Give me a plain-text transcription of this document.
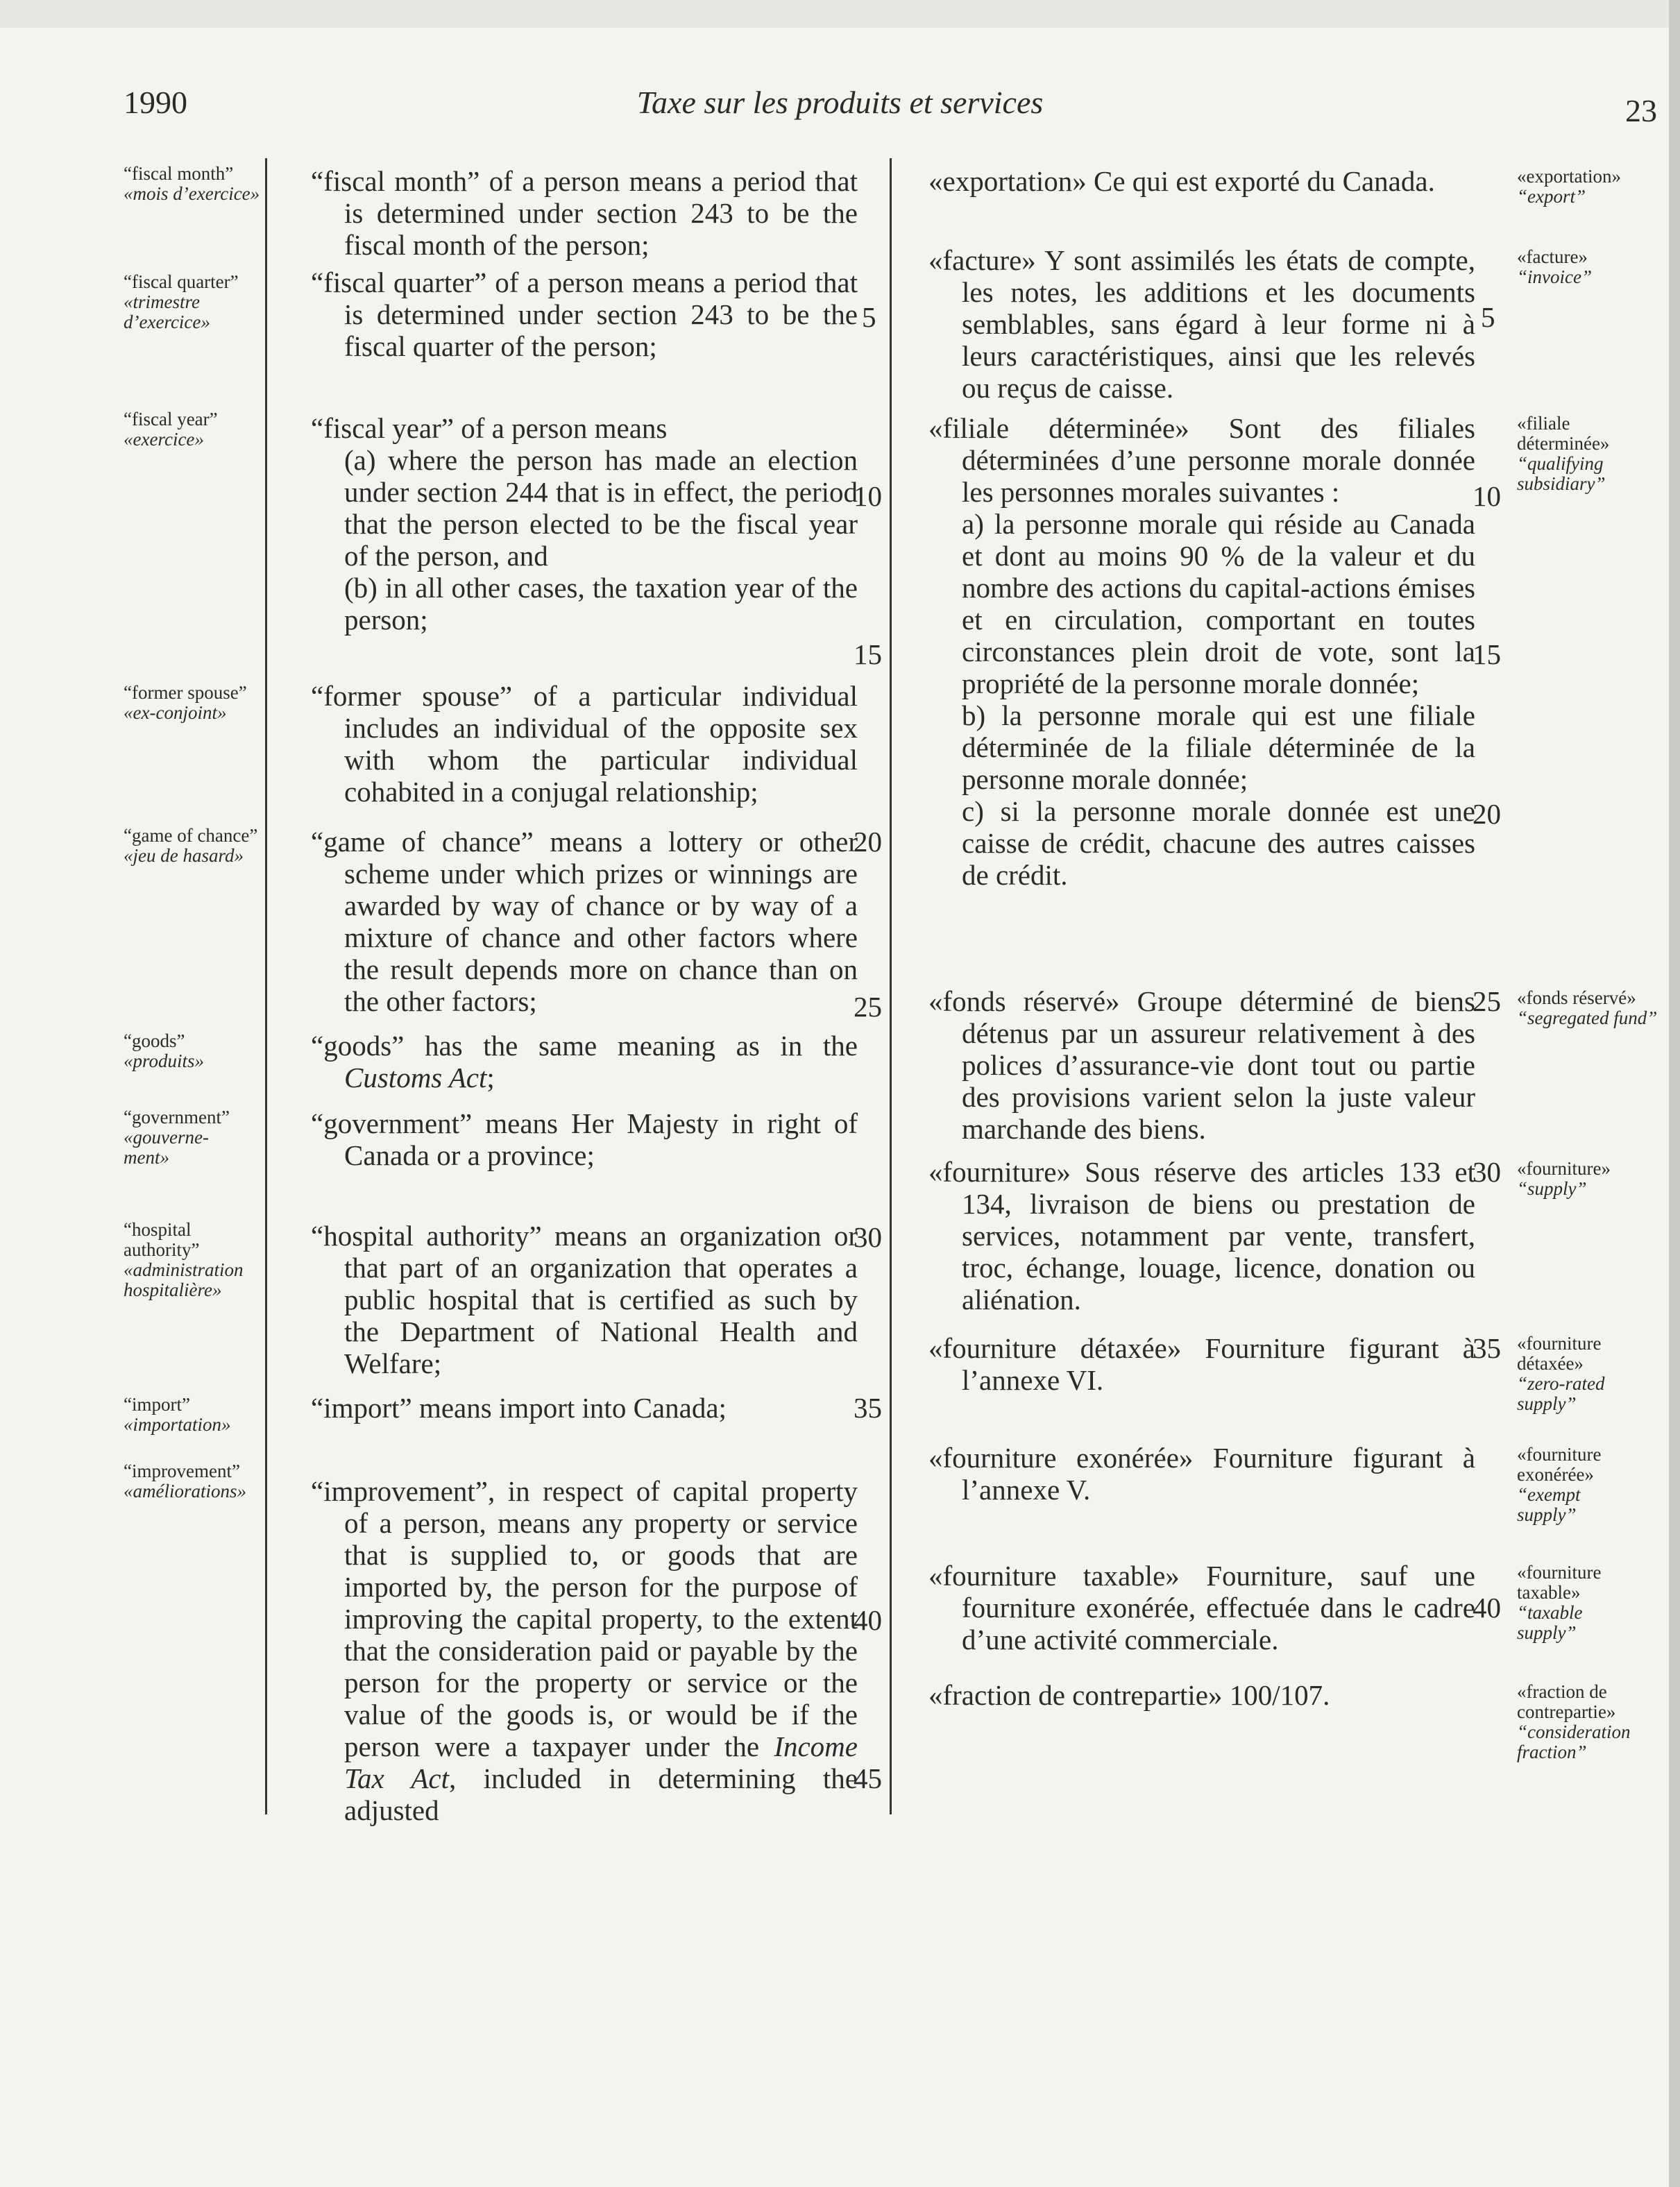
1990	Taxe sur les produits et services	23
“fiscal month”
«mois d’exercice»
“fiscal quarter”
«trimestre d’exercice»
“fiscal year”
«exercice»
“former spouse”
«ex-conjoint»
“game of chance”
«jeu de hasard»
“goods”
«produits»
“government”
«gouverne-ment»
“hospital authority”
«administration hospitalière»
“import”
«importation»
“improvement”
«améliorations»

“fiscal month” of a person means a period that is determined under section 243 to be the fiscal month of the person;

“fiscal quarter” of a person means a period that is determined under section 243 to be the fiscal quarter of the person;

“fiscal year” of a person means

(a) where the person has made an election under section 244 that is in effect, the period that the person elected to be the fiscal year of the person, and

(b) in all other cases, the taxation year of the person;

“former spouse” of a particular individual includes an individual of the opposite sex with whom the particular individual cohabited in a conjugal relationship;

“game of chance” means a lottery or other scheme under which prizes or winnings are awarded by way of chance or by way of a mixture of chance and other factors where the result depends more on chance than on the other factors;

“goods” has the same meaning as in the Customs Act;

“government” means Her Majesty in right of Canada or a province;

“hospital authority” means an organization or that part of an organization that operates a public hospital that is certified as such by the Department of National Health and Welfare;

“import” means import into Canada;

“improvement”, in respect of capital property of a person, means any property or service that is supplied to, or goods that are imported by, the person for the purpose of improving the capital property, to the extent that the consideration paid or payable by the person for the property or service or the value of the goods is, or would be if the person were a taxpayer under the Income Tax Act, included in determining the adjusted

5
10
15
20
25
30
35
40
45

«exportation» Ce qui est exporté du Canada.

«facture» Y sont assimilés les états de compte, les notes, les additions et les documents semblables, sans égard à leur forme ni à leurs caractéristiques, ainsi que les relevés ou reçus de caisse.

«filiale déterminée» Sont des filiales déterminées d’une personne morale donnée les personnes morales suivantes :

a) la personne morale qui réside au Canada et dont au moins 90 % de la valeur et du nombre des actions du capital-actions émises et en circulation, comportant en toutes circonstances plein droit de vote, sont la propriété de la personne morale donnée;

b) la personne morale qui est une filiale déterminée de la filiale déterminée de la personne morale donnée;

c) si la personne morale donnée est une caisse de crédit, chacune des autres caisses de crédit.

«fonds réservé» Groupe déterminé de biens détenus par un assureur relativement à des polices d’assurance-vie dont tout ou partie des provisions varient selon la juste valeur marchande des biens.

«fourniture» Sous réserve des articles 133 et 134, livraison de biens ou prestation de services, notamment par vente, transfert, troc, échange, louage, licence, donation ou aliénation.

«fourniture détaxée» Fourniture figurant à l’annexe VI.

«fourniture exonérée» Fourniture figurant à l’annexe V.

«fourniture taxable» Fourniture, sauf une fourniture exonérée, effectuée dans le cadre d’une activité commerciale.

«fraction de contrepartie» 100/107.

5
10
15
20
25
30
35
40
«exportation»
“export”
«facture»
“invoice”
«filiale déterminée»
“qualifying subsidiary”
«fonds réservé»
“segregated fund”
«fourniture»
“supply”
«fourniture détaxée»
“zero-rated supply”
«fourniture exonérée»
“exempt supply”
«fourniture taxable»
“taxable supply”
«fraction de contrepartie»
“consideration fraction”
